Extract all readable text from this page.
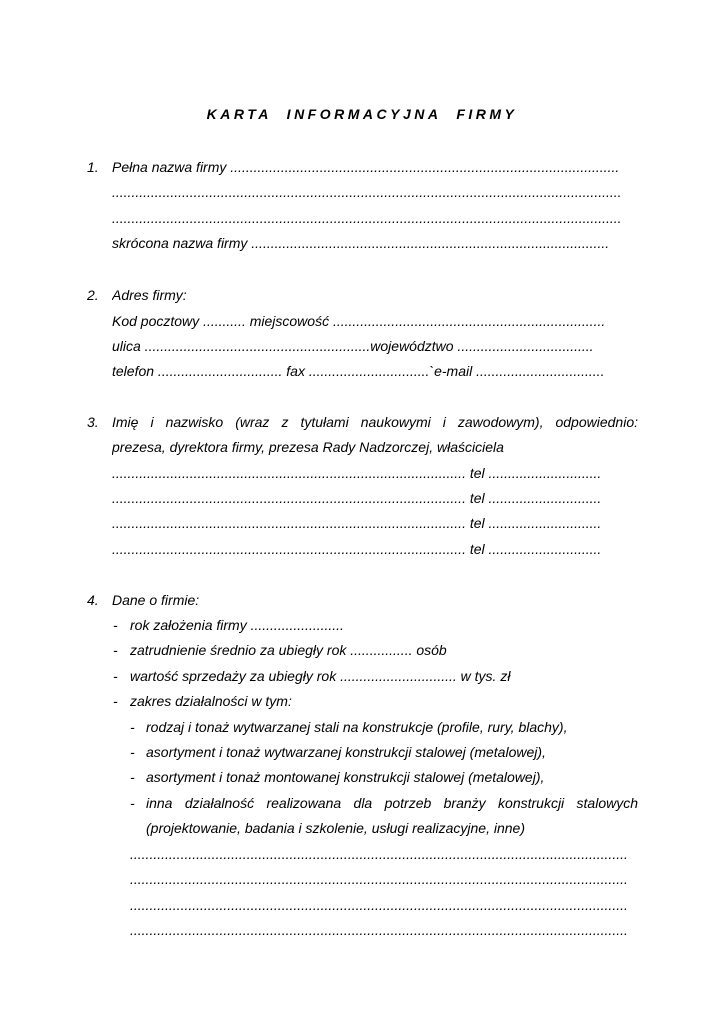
KARTA INFORMACYJNA FIRMY
1. Pełna nazwa firmy ....................................................................................................
...................................................................................................................................
...................................................................................................................................
skrócona nazwa firmy ............................................................................................
2. Adres firmy:
Kod pocztowy ........... miejscowość ......................................................................
ulica ..........................................................województwo ...................................
telefon ................................ fax ...............................`e-mail .................................
3. Imię i nazwisko (wraz z tytułami naukowymi i zawodowym), odpowiednio:
prezesa, dyrektora firmy, prezesa Rady Nadzorczej, właściciela
........................................................................................... tel .............................
........................................................................................... tel .............................
........................................................................................... tel .............................
........................................................................................... tel .............................
4. Dane o firmie:
- rok założenia firmy ........................
- zatrudnienie średnio za ubiegły rok ................ osób
- wartość sprzedaży za ubiegły rok .............................. w tys. zł
- zakres działalności w tym:
- rodzaj i tonaż wytwarzanej stali na konstrukcje (profile, rury, blachy),
- asortyment i tonaż wytwarzanej konstrukcji stalowej (metalowej),
- asortyment i tonaż montowanej konstrukcji stalowej (metalowej),
- inna działalność realizowana dla potrzeb branży konstrukcji stalowych
(projektowanie, badania i szkolenie, usługi realizacyjne, inne)
................................................................................................................................
................................................................................................................................
................................................................................................................................
................................................................................................................................
